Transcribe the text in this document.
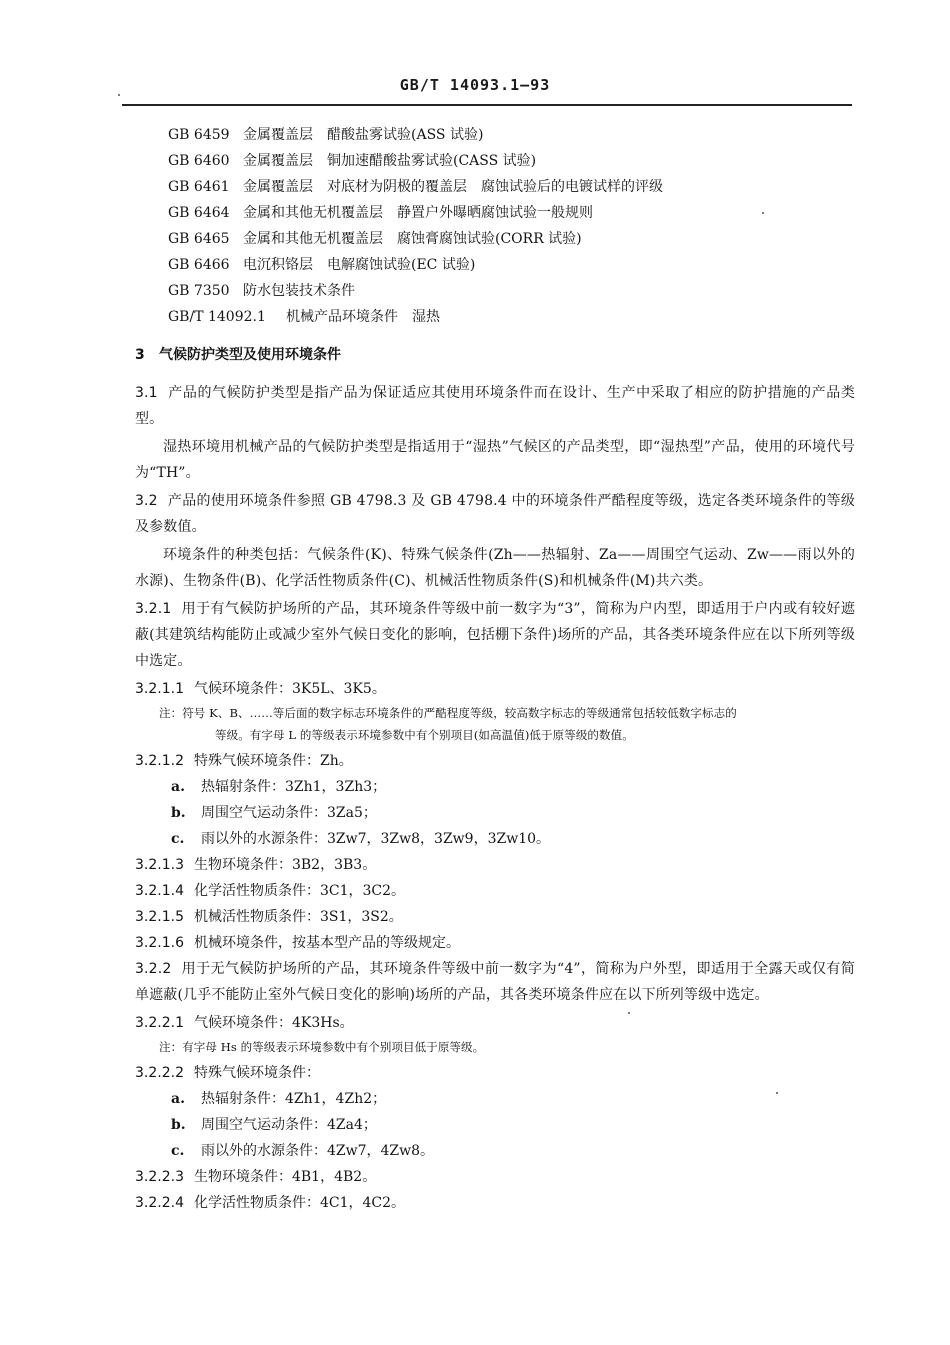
GB/T 14093.1—93
GB 6459 金属覆盖层　醋酸盐雾试验(ASS 试验)
GB 6460 金属覆盖层　铜加速醋酸盐雾试验(CASS 试验)
GB 6461 金属覆盖层　对底材为阴极的覆盖层　腐蚀试验后的电镀试样的评级
GB 6464 金属和其他无机覆盖层　静置户外曝晒腐蚀试验一般规则
GB 6465 金属和其他无机覆盖层　腐蚀膏腐蚀试验(CORR 试验)
GB 6466 电沉积铬层　电解腐蚀试验(EC 试验)
GB 7350 防水包装技术条件
GB/T 14092.1 机械产品环境条件　湿热
3 气候防护类型及使用环境条件

3.1 产品的气候防护类型是指产品为保证适应其使用环境条件而在设计、生产中采取了相应的防护措施的产品类型。

湿热环境用机械产品的气候防护类型是指适用于“湿热”气候区的产品类型，即“湿热型”产品，使用的环境代号为“TH”。

3.2 产品的使用环境条件参照 GB 4798.3 及 GB 4798.4 中的环境条件严酷程度等级，选定各类环境条件的等级及参数值。

环境条件的种类包括：气候条件(K)、特殊气候条件(Zh——热辐射、Za——周围空气运动、Zw——雨以外的水源)、生物条件(B)、化学活性物质条件(C)、机械活性物质条件(S)和机械条件(M)共六类。

3.2.1 用于有气候防护场所的产品，其环境条件等级中前一数字为“3”，简称为户内型，即适用于户内或有较好遮蔽(其建筑结构能防止或减少室外气候日变化的影响，包括棚下条件)场所的产品，其各类环境条件应在以下所列等级中选定。

3.2.1.1 气候环境条件：3K5L、3K5。

注：符号 K、B、……等后面的数字标志环境条件的严酷程度等级，较高数字标志的等级通常包括较低数字标志的
等级。有字母 L 的等级表示环境参数中有个别项目(如高温值)低于原等级的数值。

3.2.1.2 特殊气候环境条件：Zh。

a. 热辐射条件：3Zh1，3Zh3；

b. 周围空气运动条件：3Za5；

c. 雨以外的水源条件：3Zw7，3Zw8，3Zw9，3Zw10。

3.2.1.3 生物环境条件：3B2，3B3。

3.2.1.4 化学活性物质条件：3C1，3C2。

3.2.1.5 机械活性物质条件：3S1，3S2。

3.2.1.6 机械环境条件，按基本型产品的等级规定。

3.2.2 用于无气候防护场所的产品，其环境条件等级中前一数字为“4”，简称为户外型，即适用于全露天或仅有简单遮蔽(几乎不能防止室外气候日变化的影响)场所的产品，其各类环境条件应在以下所列等级中选定。

3.2.2.1 气候环境条件：4K3Hs。

注：有字母 Hs 的等级表示环境参数中有个别项目低于原等级。

3.2.2.2 特殊气候环境条件：

a. 热辐射条件：4Zh1，4Zh2；

b. 周围空气运动条件：4Za4；

c. 雨以外的水源条件：4Zw7，4Zw8。

3.2.2.3 生物环境条件：4B1，4B2。

3.2.2.4 化学活性物质条件：4C1，4C2。
